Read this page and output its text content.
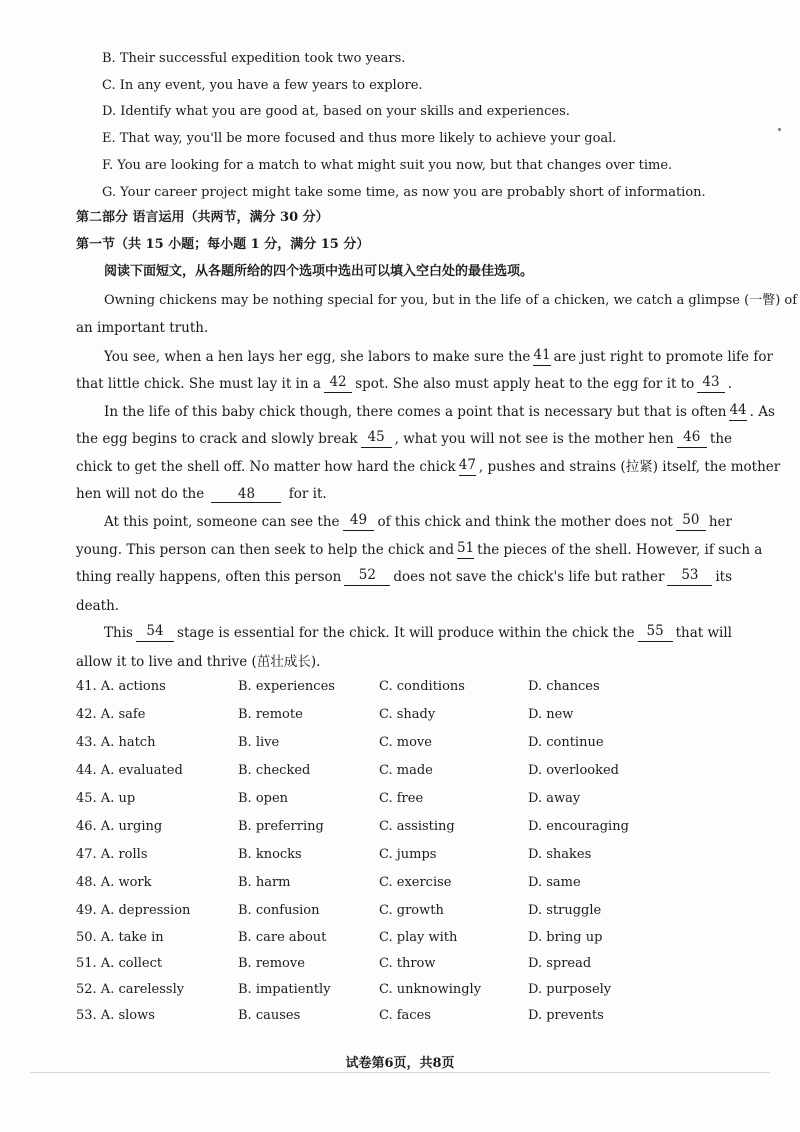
B. Their successful expedition took two years.
C. In any event, you have a few years to explore.
D. Identify what you are good at, based on your skills and experiences.
E. That way, you'll be more focused and thus more likely to achieve your goal.
F. You are looking for a match to what might suit you now, but that changes over time.
G. Your career project might take some time, as now you are probably short of information.
第二部分 语言运用（共两节，满分 30 分）
第一节（共 15 小题；每小题 1 分，满分 15 分）
阅读下面短文，从各题所给的四个选项中选出可以填入空白处的最佳选项。
Owning chickens may be nothing special for you, but in the life of a chicken, we catch a glimpse (一瞥) of
an important truth.
You see, when a hen lays her egg, she labors to make sure the 41 are just right to promote life for
that little chick. She must lay it in a 42 spot. She also must apply heat to the egg for it to 43 .
In the life of this baby chick though, there comes a point that is necessary but that is often 44 . As
the egg begins to crack and slowly break 45 , what you will not see is the mother hen 46 the
chick to get the shell off. No matter how hard the chick 47 , pushes and strains (拉紧) itself, the mother
hen will not do the 48 for it.
At this point, someone can see the 49 of this chick and think the mother does not 50 her
young. This person can then seek to help the chick and 51 the pieces of the shell. However, if such a
thing really happens, often this person	52	does not save the chick's life but rather	53	its
death.
This 54 stage is essential for the chick. It will produce within the chick the 55 that will
allow it to live and thrive (茁壮成长).
41. A. actions	B. experiences	C. conditions	D. chances
42. A. safe	B. remote	C. shady	D. new
43. A. hatch	B. live	C. move	D. continue
44. A. evaluated	B. checked	C. made	D. overlooked
45. A. up	B. open	C. free	D. away
46. A. urging	B. preferring	C. assisting	D. encouraging
47. A. rolls	B. knocks	C. jumps	D. shakes
48. A. work	B. harm	C. exercise	D. same
49. A. depression	B. confusion	C. growth	D. struggle
50. A. take in	B. care about	C. play with	D. bring up
51. A. collect	B. remove	C. throw	D. spread
52. A. carelessly	B. impatiently	C. unknowingly	D. purposely
53. A. slows	B. causes	C. faces	D. prevents
试卷第6页，共8页
